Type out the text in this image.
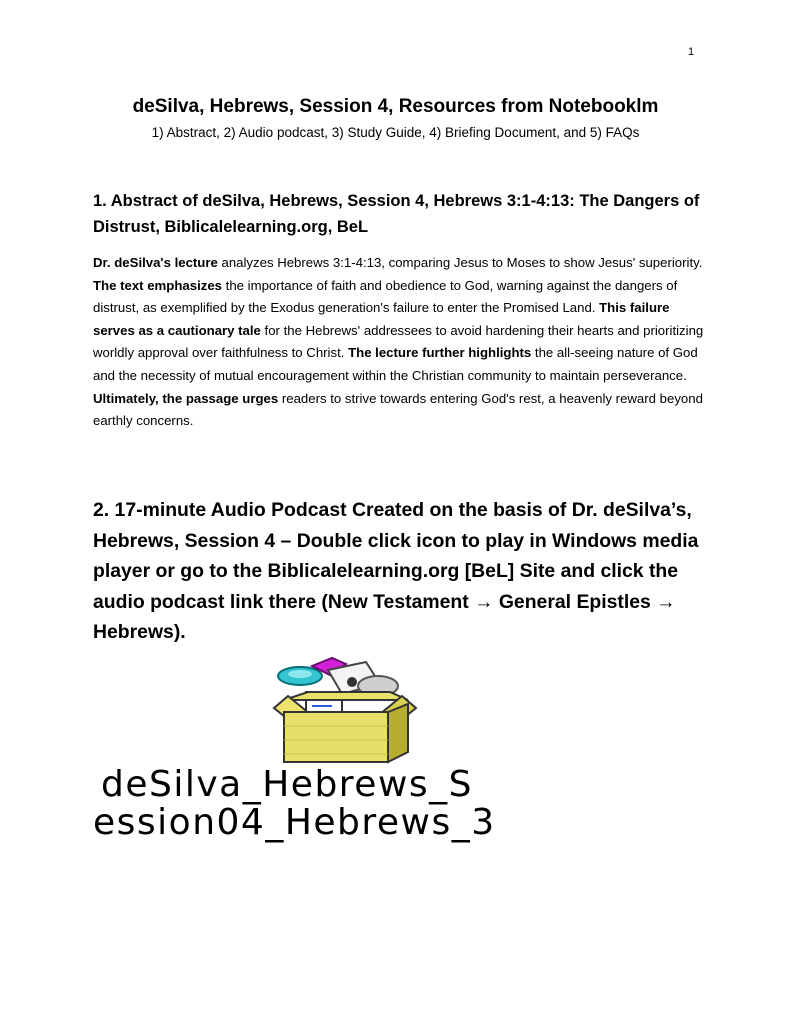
1
deSilva, Hebrews, Session 4, Resources from Notebooklm

1) Abstract, 2) Audio podcast, 3) Study Guide, 4) Briefing Document, and 5) FAQs

1. Abstract of deSilva, Hebrews, Session 4, Hebrews 3:1-4:13: The Dangers of Distrust, Biblicalelearning.org, BeL

Dr. deSilva's lecture analyzes Hebrews 3:1-4:13, comparing Jesus to Moses to show Jesus' superiority. The text emphasizes the importance of faith and obedience to God, warning against the dangers of distrust, as exemplified by the Exodus generation's failure to enter the Promised Land. This failure serves as a cautionary tale for the Hebrews' addressees to avoid hardening their hearts and prioritizing worldly approval over faithfulness to Christ. The lecture further highlights the all-seeing nature of God and the necessity of mutual encouragement within the Christian community to maintain perseverance. Ultimately, the passage urges readers to strive towards entering God's rest, a heavenly reward beyond earthly concerns.

2. 17-minute Audio Podcast Created on the basis of Dr. deSilva’s, Hebrews, Session 4 – Double click icon to play in Windows media player or go to the Biblicalelearning.org [BeL] Site and click the audio podcast link there (New Testament → General Epistles → Hebrews).
deSilva_Hebrews_S
ession04_Hebrews_3
